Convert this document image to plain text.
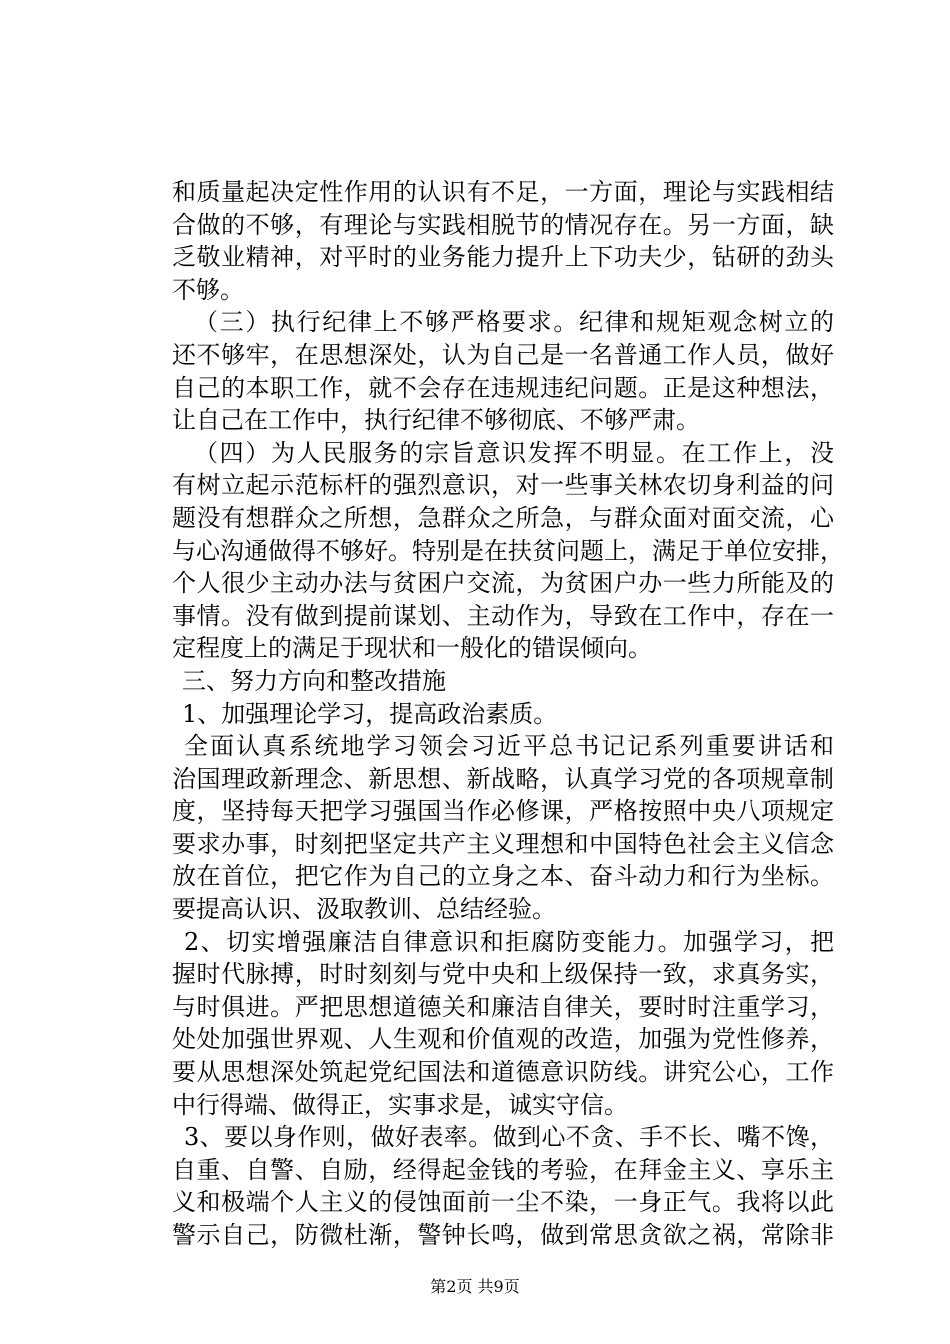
和质量起决定性作用的认识有不足，一方面，理论与实践相结
合做的不够，有理论与实践相脱节的情况存在。另一方面，缺
乏敬业精神，对平时的业务能力提升上下功夫少，钻研的劲头
不够。
（三）执行纪律上不够严格要求。纪律和规矩观念树立的
还不够牢，在思想深处，认为自己是一名普通工作人员，做好
自己的本职工作，就不会存在违规违纪问题。正是这种想法，
让自己在工作中，执行纪律不够彻底、不够严肃。
（四）为人民服务的宗旨意识发挥不明显。在工作上，没
有树立起示范标杆的强烈意识，对一些事关林农切身利益的问
题没有想群众之所想，急群众之所急，与群众面对面交流，心
与心沟通做得不够好。特别是在扶贫问题上，满足于单位安排，
个人很少主动办法与贫困户交流，为贫困户办一些力所能及的
事情。没有做到提前谋划、主动作为，导致在工作中，存在一
定程度上的满足于现状和一般化的错误倾向。
三、努力方向和整改措施
1、加强理论学习，提高政治素质。
全面认真系统地学习领会习近平总书记记系列重要讲话和
治国理政新理念、新思想、新战略，认真学习党的各项规章制
度，坚持每天把学习强国当作必修课，严格按照中央八项规定
要求办事，时刻把坚定共产主义理想和中国特色社会主义信念
放在首位，把它作为自己的立身之本、奋斗动力和行为坐标。
要提高认识、汲取教训、总结经验。
2、切实增强廉洁自律意识和拒腐防变能力。加强学习，把
握时代脉搏，时时刻刻与党中央和上级保持一致，求真务实，
与时俱进。严把思想道德关和廉洁自律关，要时时注重学习，
处处加强世界观、人生观和价值观的改造，加强为党性修养，
要从思想深处筑起党纪国法和道德意识防线。讲究公心，工作
中行得端、做得正，实事求是，诚实守信。
3、要以身作则，做好表率。做到心不贪、手不长、嘴不馋，
自重、自警、自励，经得起金钱的考验，在拜金主义、享乐主
义和极端个人主义的侵蚀面前一尘不染，一身正气。我将以此
警示自己，防微杜渐，警钟长鸣，做到常思贪欲之祸，常除非
第2页 共9页
